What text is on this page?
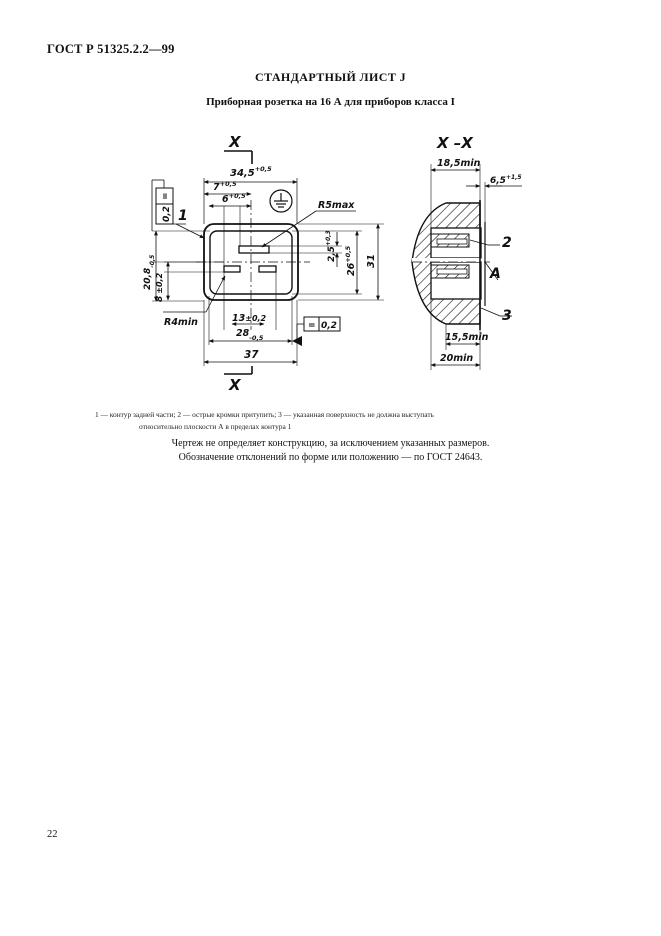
ГОСТ Р 51325.2.2—99
СТАНДАРТНЫЙ ЛИСТ J
Приборная розетка на 16 А для приборов класса I
X
$34,5^{+0,5}$
$7^{+0,5}$
$6^{+0,5}$
R5max
31
$26^{+0,5}$
$2,5^{+0,3}$
$20,8_{-0,5}$
8±0,2
=
0,2 1
R4min	13±0,2
$28_{-0,5}$
37
= 0,2
X
X –X
18,5min
$6,5^{+1,5}$
2
A
3
15,5min
20min
1 — контур задней части; 2 — острые кромки притупить; 3 — указанная поверхность не должна выступать
относительно плоскости А в пределах контура 1
Чертеж не определяет конструкцию, за исключением указанных размеров.
Обозначение отклонений по форме или положению — по ГОСТ 24643.
22
